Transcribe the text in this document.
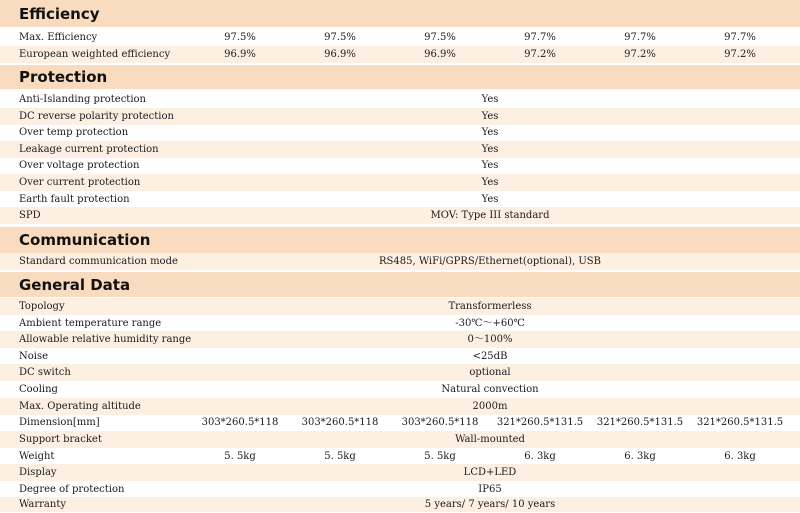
Efficiency
Max. Efficiency	97.5%	97.5%	97.5%	97.7%	97.7%	97.7%
European weighted efficiency	96.9%	96.9%	96.9%	97.2%	97.2%	97.2%
Protection
Anti-Islanding protection	Yes
DC reverse polarity protection	Yes
Over temp protection	Yes
Leakage current protection	Yes
Over voltage protection	Yes
Over current protection	Yes
Earth fault protection	Yes
SPD	MOV: Type III standard
Communication
Standard communication mode	RS485, WiFi/GPRS/Ethernet(optional), USB
General Data
Topology	Transformerless
Ambient temperature range	-30℃～+60℃
Allowable relative humidity range	0～100%
Noise	<25dB
DC switch	optional
Cooling	Natural convection
Max. Operating altitude	2000m
Dimension[mm]	303*260.5*118	303*260.5*118	303*260.5*118	321*260.5*131.5	321*260.5*131.5	321*260.5*131.5
Support bracket	Wall-mounted
Weight	5. 5kg	5. 5kg	5. 5kg	6. 3kg	6. 3kg	6. 3kg
Display	LCD+LED
Degree of protection	IP65
Warranty	5 years/ 7 years/ 10 years
